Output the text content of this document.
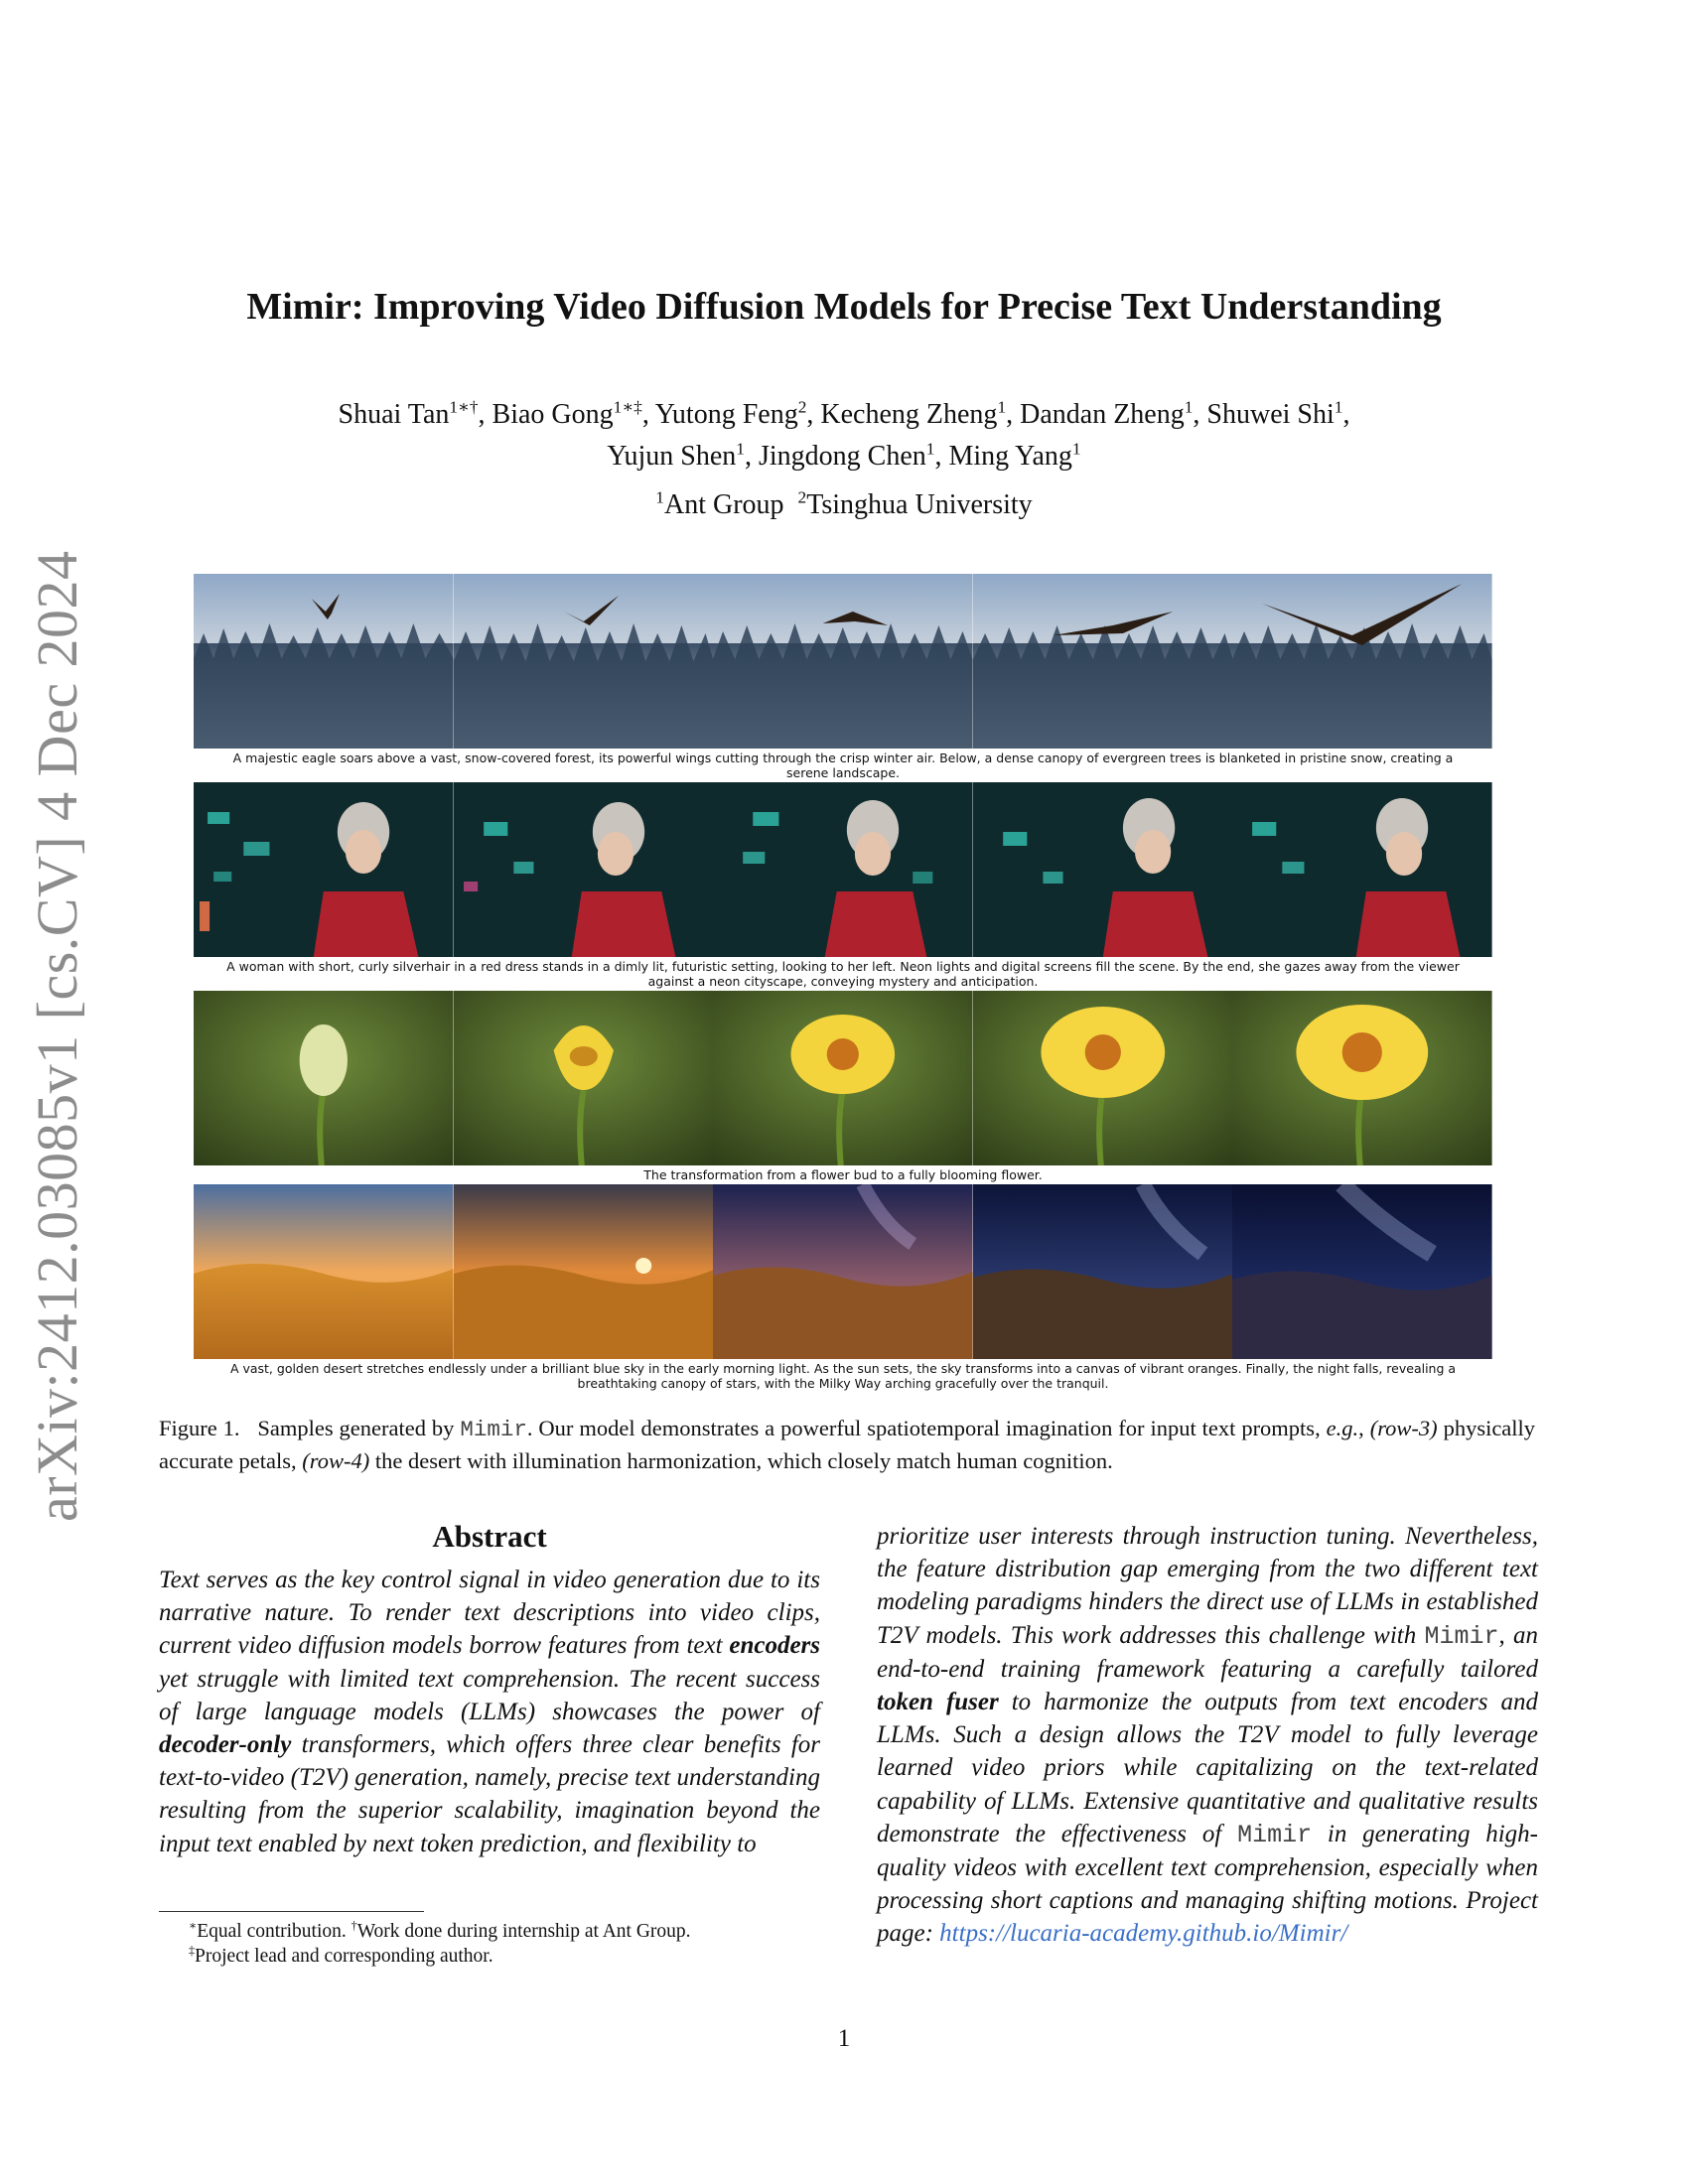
arXiv:2412.03085v1 [cs.CV] 4 Dec 2024
Mimir: Improving Video Diffusion Models for Precise Text Understanding
Shuai Tan$^{1∗\dagger}$, Biao Gong$^{1∗\ddagger}$, Yutong Feng$^2$, Kecheng Zheng$^1$, Dandan Zheng$^1$, Shuwei Shi$^1$,
Yujun Shen$^1$, Jingdong Chen$^1$, Ming Yang$^1$
$^1$Ant Group $^2$Tsinghua University
A majestic eagle soars above a vast, snow-covered forest, its powerful wings cutting through the crisp winter air. Below, a dense canopy of evergreen trees is blanketed in pristine snow, creating a serene landscape.
A woman with short, curly silverhair in a red dress stands in a dimly lit, futuristic setting, looking to her left. Neon lights and digital screens fill the scene. By the end, she gazes away from the viewer against a neon cityscape, conveying mystery and anticipation.
The transformation from a flower bud to a fully blooming flower.
A vast, golden desert stretches endlessly under a brilliant blue sky in the early morning light. As the sun sets, the sky transforms into a canvas of vibrant oranges. Finally, the night falls, revealing a breathtaking canopy of stars, with the Milky Way arching gracefully over the tranquil.
Figure 1. Samples generated by Mimir. Our model demonstrates a powerful spatiotemporal imagination for input text prompts, e.g., (row-3) physically accurate petals, (row-4) the desert with illumination harmonization, which closely match human cognition.
Abstract

Text serves as the key control signal in video generation due to its narrative nature. To render text descriptions into video clips, current video diffusion models borrow features from text encoders yet struggle with limited text comprehension. The recent success of large language models (LLMs) showcases the power of decoder-only transformers, which offers three clear benefits for text-to-video (T2V) generation, namely, precise text understanding resulting from the superior scalability, imagination beyond the input text enabled by next token prediction, and flexibility to

prioritize user interests through instruction tuning. Nevertheless, the feature distribution gap emerging from the two different text modeling paradigms hinders the direct use of LLMs in established T2V models. This work addresses this challenge with Mimir, an end-to-end training framework featuring a carefully tailored token fuser to harmonize the outputs from text encoders and LLMs. Such a design allows the T2V model to fully leverage learned video priors while capitalizing on the text-related capability of LLMs. Extensive quantitative and qualitative results demonstrate the effectiveness of Mimir in generating high-quality videos with excellent text comprehension, especially when processing short captions and managing shifting motions. Project page: https://lucaria-academy.github.io/Mimir/

∗Equal contribution. †Work done during internship at Ant Group.
‡Project lead and corresponding author.
1
